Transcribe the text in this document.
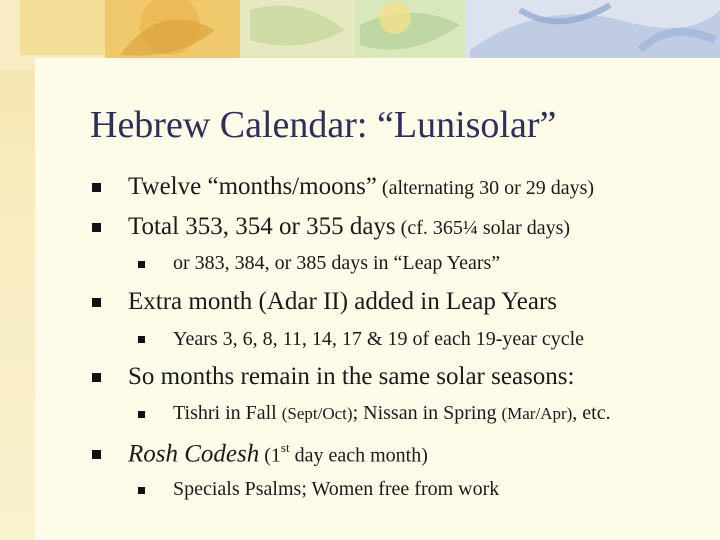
Hebrew Calendar: “Lunisolar”
Twelve “months/moons” (alternating 30 or 29 days)
Total 353, 354 or 355 days (cf. 365¼ solar days)
or 383, 384, or 385 days in “Leap Years”
Extra month (Adar II) added in Leap Years
Years 3, 6, 8, 11, 14, 17 & 19 of each 19-year cycle
So months remain in the same solar seasons:
Tishri in Fall (Sept/Oct); Nissan in Spring (Mar/Apr), etc.
Rosh Codesh (1st day each month)
Specials Psalms; Women free from work
